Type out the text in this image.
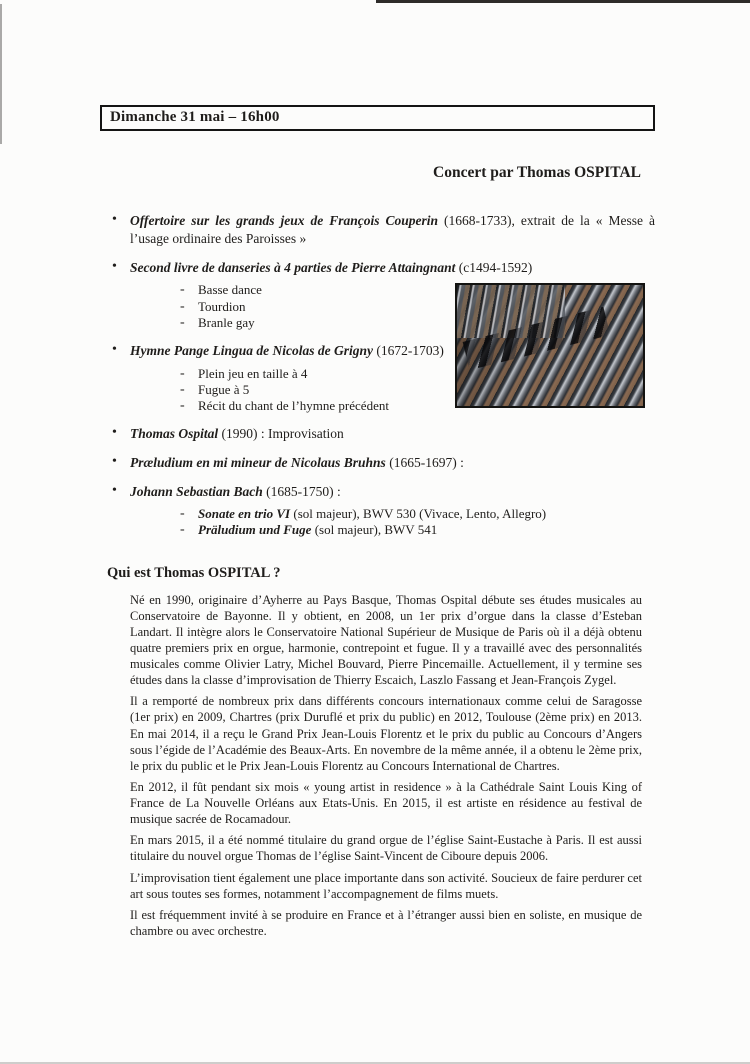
Dimanche 31 mai – 16h00
Concert par Thomas OSPITAL
• Offertoire sur les grands jeux de François Couperin (1668-1733), extrait de la « Messe à l’usage ordinaire des Paroisses »
• Second livre de danseries à 4 parties de Pierre Attaingnant (c1494-1592)
- Basse dance
- Tourdion
- Branle gay
• Hymne Pange Lingua de Nicolas de Grigny (1672-1703)
- Plein jeu en taille à 4
- Fugue à 5
- Récit du chant de l’hymne précédent
• Thomas Ospital (1990) : Improvisation
• Præludium en mi mineur de Nicolaus Bruhns (1665-1697) :
• Johann Sebastian Bach (1685-1750) :
- Sonate en trio VI (sol majeur), BWV 530 (Vivace, Lento, Allegro)
- Präludium und Fuge (sol majeur), BWV 541
Qui est Thomas OSPITAL ?

Né en 1990, originaire d’Ayherre au Pays Basque, Thomas Ospital débute ses études musicales au Conservatoire de Bayonne. Il y obtient, en 2008, un 1er prix d’orgue dans la classe d’Esteban Landart. Il intègre alors le Conservatoire National Supérieur de Musique de Paris où il a déjà obtenu quatre premiers prix en orgue, harmonie, contrepoint et fugue. Il y a travaillé avec des personnalités musicales comme Olivier Latry, Michel Bouvard, Pierre Pincemaille. Actuellement, il y termine ses études dans la classe d’improvisation de Thierry Escaich, Laszlo Fassang et Jean-François Zygel.

Il a remporté de nombreux prix dans différents concours internationaux comme celui de Saragosse (1er prix) en 2009, Chartres (prix Duruflé et prix du public) en 2012, Toulouse (2ème prix) en 2013. En mai 2014, il a reçu le Grand Prix Jean-Louis Florentz et le prix du public au Concours d’Angers sous l’égide de l’Académie des Beaux-Arts. En novembre de la même année, il a obtenu le 2ème prix, le prix du public et le Prix Jean-Louis Florentz au Concours International de Chartres.

En 2012, il fût pendant six mois « young artist in residence » à la Cathédrale Saint Louis King of France de La Nouvelle Orléans aux Etats-Unis. En 2015, il est artiste en résidence au festival de musique sacrée de Rocamadour.

En mars 2015, il a été nommé titulaire du grand orgue de l’église Saint-Eustache à Paris. Il est aussi titulaire du nouvel orgue Thomas de l’église Saint-Vincent de Ciboure depuis 2006.

L’improvisation tient également une place importante dans son activité. Soucieux de faire perdurer cet art sous toutes ses formes, notamment l’accompagnement de films muets.

Il est fréquemment invité à se produire en France et à l’étranger aussi bien en soliste, en musique de chambre ou avec orchestre.
